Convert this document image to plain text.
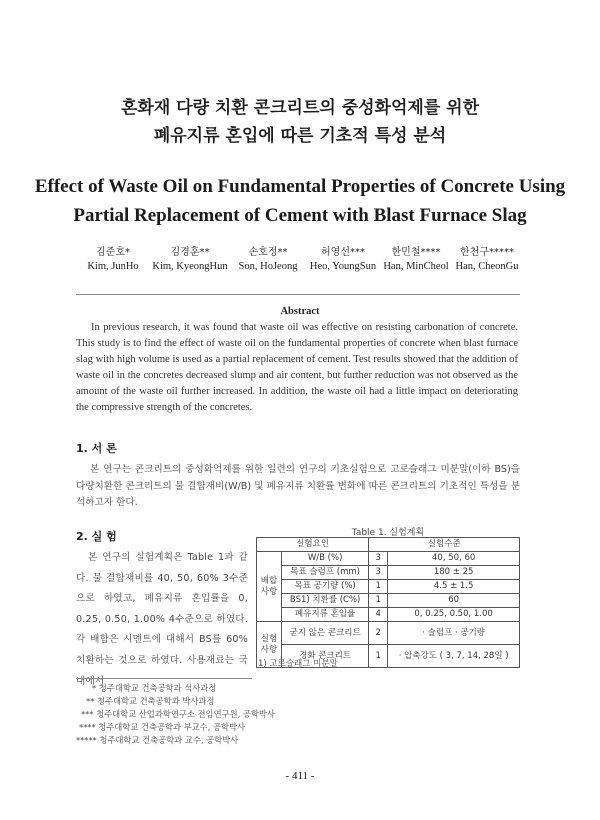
혼화재 다량 치환 콘크리트의 중성화억제를 위한
폐유지류 혼입에 따른 기초적 특성 분석
Effect of Waste Oil on Fundamental Properties of Concrete Using
Partial Replacement of Cement with Blast Furnace Slag
김준호*
Kim, JunHo
김경훈**
Kim, KyeongHun
손호정**
Son, HoJeong
허영선***
Heo, YoungSun
한민철****
Han, MinCheol
한천구*****
Han, CheonGu
Abstract
In previous research, it was found that waste oil was effective on resisting carbonation of concrete. This study is to find the effect of waste oil on the fundamental properties of concrete when blast furnace slag with high volume is used as a partial replacement of cement. Test results showed that the addition of waste oil in the concretes decreased slump and air content, but further reduction was not observed as the amount of the waste oil further increased. In addition, the waste oil had a little impact on deteriorating the compressive strength of the concretes.
1. 서 론
본 연구는 콘크리트의 중성화억제를 위한 일련의 연구의 기초실험으로 고로슬래그 미분말(이하 BS)을 다량치환한 콘크리트의 물 결합재비(W/B) 및 폐유지류 치환률 변화에 따른 콘크리트의 기초적인 특성을 분석하고자 한다.
2. 실 험
본 연구의 실험계획은 Table 1과 같다. 물 결합재비를 40, 50, 60% 3수준으로 하였고, 폐유지류 혼입률을 0, 0.25, 0.50, 1.00% 4수준으로 하였다. 각 배합은 시멘트에 대해서 BS를 60% 치환하는 것으로 하였다. 사용재료는 국내에서
Table 1. 실험계획
실험요인		실험수준	
배합 사항	W/B (%)	3	40, 50, 60
	목표 슬럼프 (mm)	3	180 ± 25
	목표 공기량 (%)	1	4.5 ± 1.5
	BS1) 치환률 (C%)	1	60
	폐유지류 혼입율	4	0, 0.25, 0.50, 1.00
실험 사항	굳지 않은 콘크리트	2	· 슬럼프 · 공기량
	경화 콘크리트	1	· 압축강도 ( 3, 7, 14, 28일 )
1) 고로슬래그 미분말
* 청주대학교 건축공학과 석사과정
** 청주대학교 건축공학과 박사과정
*** 청주대학교 산업과학연구소 전임연구원, 공학박사
**** 청주대학교 건축공학과 부교수, 공학박사
***** 청주대학교 건축공학과 교수, 공학박사
- 411 -
